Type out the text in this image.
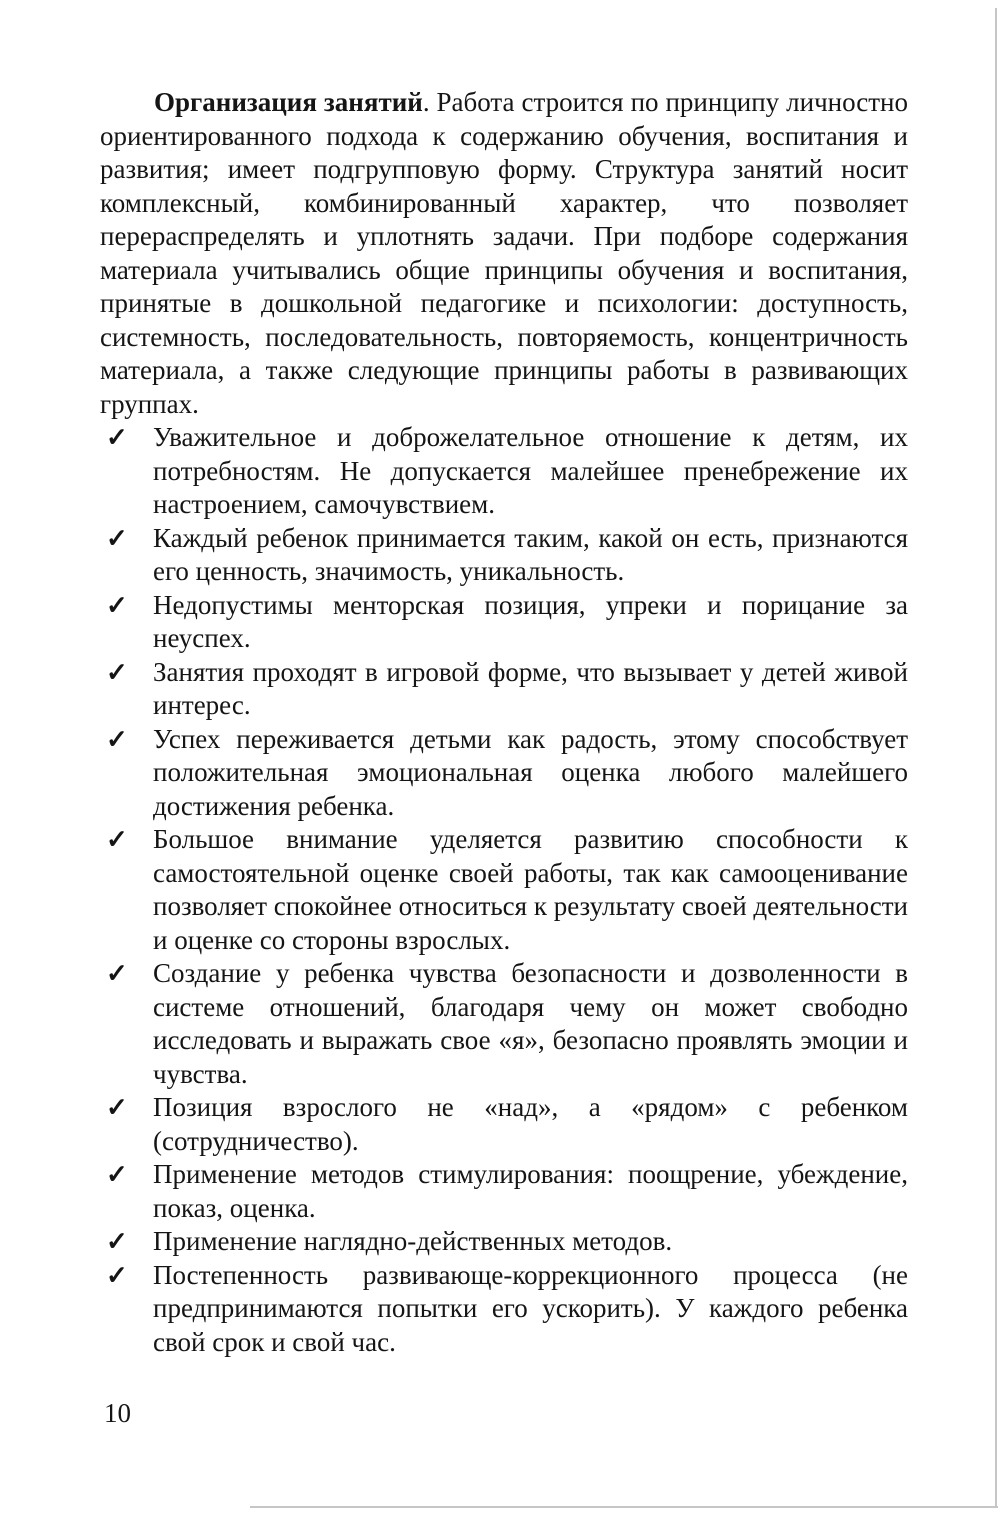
Организация занятий. Работа строится по принципу личностно ориентированного подхода к содержанию обучения, воспитания и развития; имеет подгрупповую форму. Структура занятий носит комплексный, комбинированный характер, что позволяет перераспределять и уплотнять задачи. При подборе содержания материала учитывались общие принципы обучения и воспитания, принятые в дошкольной педагогике и психологии: доступность, системность, последовательность, повторяемость, концентричность материала, а также следующие принципы работы в развивающих группах.

✓ Уважительное и доброжелательное отношение к детям, их потребностям. Не допускается малейшее пренебрежение их настроением, самочувствием.
✓ Каждый ребенок принимается таким, какой он есть, признаются его ценность, значимость, уникальность.
✓ Недопустимы менторская позиция, упреки и порицание за неуспех.
✓ Занятия проходят в игровой форме, что вызывает у детей живой интерес.
✓ Успех переживается детьми как радость, этому способствует положительная эмоциональная оценка любого малейшего достижения ребенка.
✓ Большое внимание уделяется развитию способности к самостоятельной оценке своей работы, так как самооценивание позволяет спокойнее относиться к результату своей деятельности и оценке со стороны взрослых.
✓ Создание у ребенка чувства безопасности и дозволенности в системе отношений, благодаря чему он может свободно исследовать и выражать свое «я», безопасно проявлять эмоции и чувства.
✓ Позиция взрослого не «над», а «рядом» с ребенком (сотрудничество).
✓ Применение методов стимулирования: поощрение, убеждение, показ, оценка.
✓ Применение наглядно-действенных методов.
✓ Постепенность развивающе-коррекционного процесса (не предпринимаются попытки его ускорить). У каждого ребенка свой срок и свой час.
10
